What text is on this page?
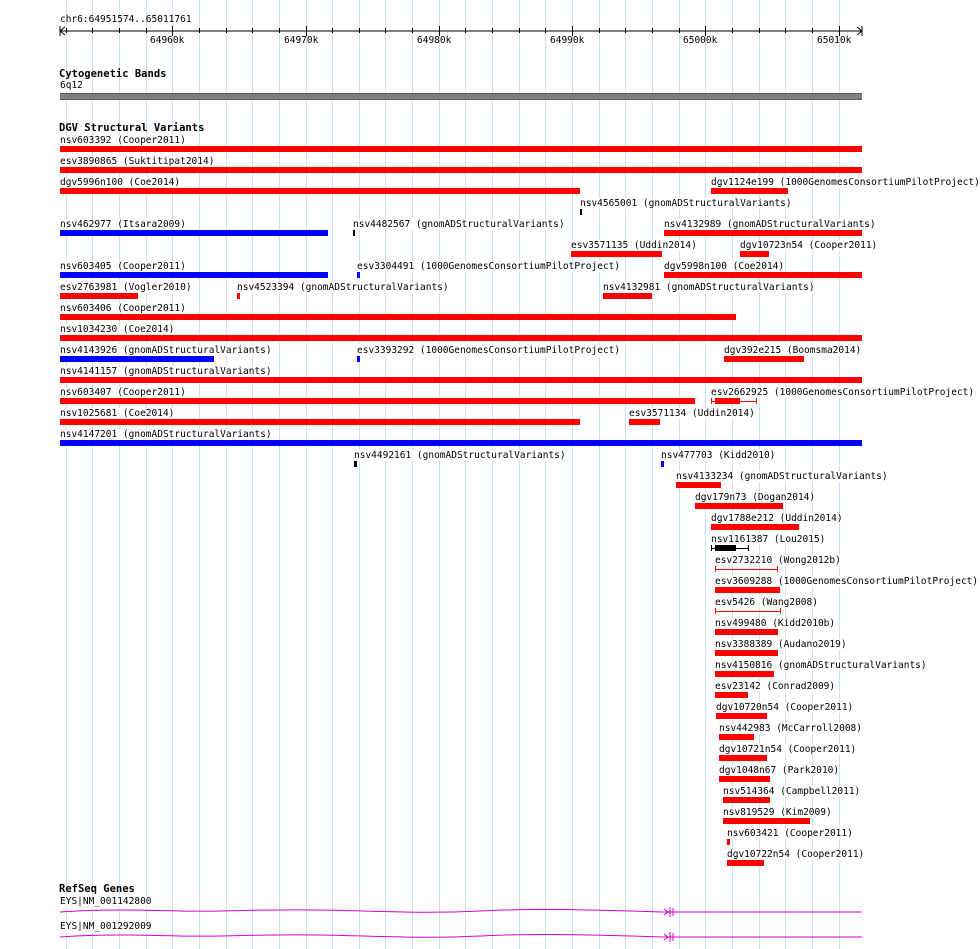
chr6:64951574..65011761
64960k	64970k	64980k	64990k	65000k	65010k
Cytogenetic Bands
6q12
DGV Structural Variants
nsv603392 (Cooper2011)
esv3890865 (Suktitipat2014)
dgv5996n100 (Coe2014)
nsv4565001 (gnomADStructuralVariants)
nsv462977 (Itsara2009)	nsv4482567 (gnomADStructuralVariants)
esv3571135 (Uddin2014)
dgv1124e199 (1000GenomesConsortiumPilotProject)
nsv603405 (Cooper2011)	esv3304491 (1000GenomesConsortiumPilotProject)
nsv4132989 (gnomADStructuralVariants)
esv2763981 (Vogler2010)	nsv4523394 (gnomADStructuralVariants)	nsv4132981 (gnomADStructuralVariants)
nsv603406 (Cooper2011)
dgv10723n54 (Cooper2011)
nsv1034230 (Coe2014)
nsv4143926 (gnomADStructuralVariants)	esv3393292 (1000GenomesConsortiumPilotProject)
dgv5998n100 (Coe2014)
nsv4141157 (gnomADStructuralVariants)
nsv603407 (Cooper2011)
dgv392e215 (Boomsma2014)
nsv1025681 (Coe2014)	esv3571134 (Uddin2014)
nsv4147201 (gnomADStructuralVariants)
nsv4492161 (gnomADStructuralVariants)	nsv477703 (Kidd2010)
nsv4133234 (gnomADStructuralVariants)
dgv179n73 (Dogan2014)
esv2662925 (1000GenomesConsortiumPilotProject)
dgv1788e212 (Uddin2014)
nsv1161387 (Lou2015)
esv2732210 (Wong2012b)
esv3609288 (1000GenomesConsortiumPilotProject)
esv5426 (Wang2008)
nsv499480 (Kidd2010b)
nsv3388389 (Audano2019)
nsv4150816 (gnomADStructuralVariants)
esv23142 (Conrad2009)
dgv10720n54 (Cooper2011)
nsv442983 (McCarroll2008)
dgv10721n54 (Cooper2011)
dgv1048n67 (Park2010)
nsv514364 (Campbell2011)
nsv819529 (Kim2009)
nsv603421 (Cooper2011)
dgv10722n54 (Cooper2011)
RefSeq Genes
EYS|NM_001142800
EYS|NM_001292009
